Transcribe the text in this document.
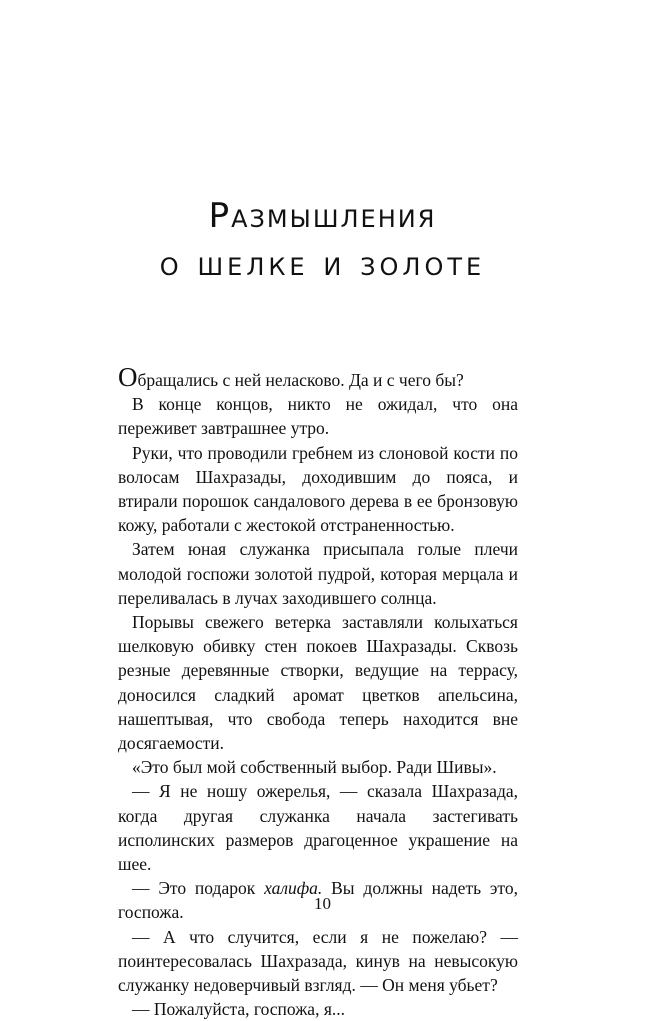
Размышления
о шелке и золоте

Обращались с ней неласково. Да и с чего бы?

В конце концов, никто не ожидал, что она переживет завтрашнее утро.

Руки, что проводили гребнем из слоновой кости по волосам Шахразады, доходившим до пояса, и втирали порошок сандалового дерева в ее бронзовую кожу, работали с жестокой отстраненностью.

Затем юная служанка присыпала голые плечи молодой госпожи золотой пудрой, которая мерцала и переливалась в лучах заходившего солнца.

Порывы свежего ветерка заставляли колыхаться шелковую обивку стен покоев Шахразады. Сквозь резные деревянные створки, ведущие на террасу, доносился сладкий аромат цветков апельсина, нашептывая, что свобода теперь находится вне досягаемости.

«Это был мой собственный выбор. Ради Шивы».

— Я не ношу ожерелья, — сказала Шахразада, когда другая служанка начала застегивать исполинских размеров драгоценное украшение на шее.

— Это подарок халифа. Вы должны надеть это, госпожа.

— А что случится, если я не пожелаю? — поинтересовалась Шахразада, кинув на невысокую служанку недоверчивый взгляд. — Он меня убьет?

— Пожалуйста, госпожа, я...

10
